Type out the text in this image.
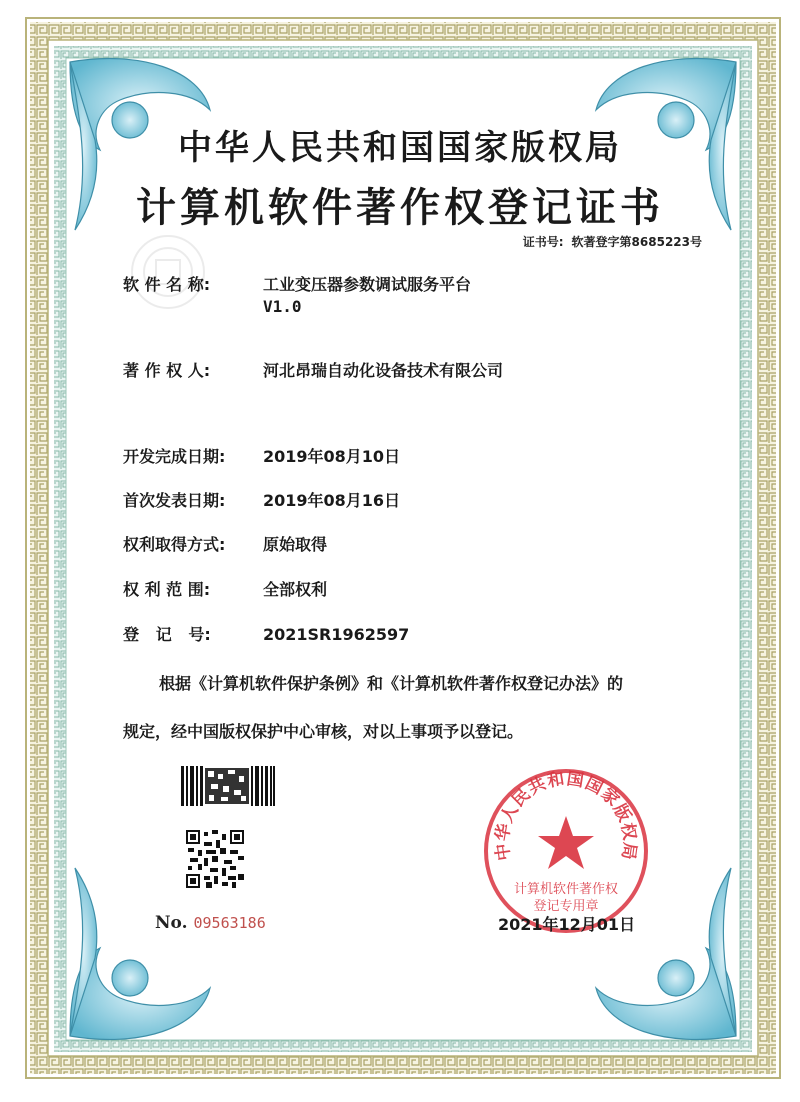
中华人民共和国国家版权局
计算机软件著作权登记证书
证书号: 软著登字第8685223号
软 件 名 称:	工业变压器参数调试服务平台
V1.0
著 作 权 人:	河北昂瑞自动化设备技术有限公司
开发完成日期: 2019年08月10日
首次发表日期: 2019年08月16日
权利取得方式: 原始取得
权 利 范 围:	全部权利
登   记   号:	2021SR1962597
根据《计算机软件保护条例》和《计算机软件著作权登记办法》的
规定，经中国版权保护中心审核，对以上事项予以登记。
No. 09563186
中华人民共和国国家版权局
计算机软件著作权
登记专用章
2021年12月01日
